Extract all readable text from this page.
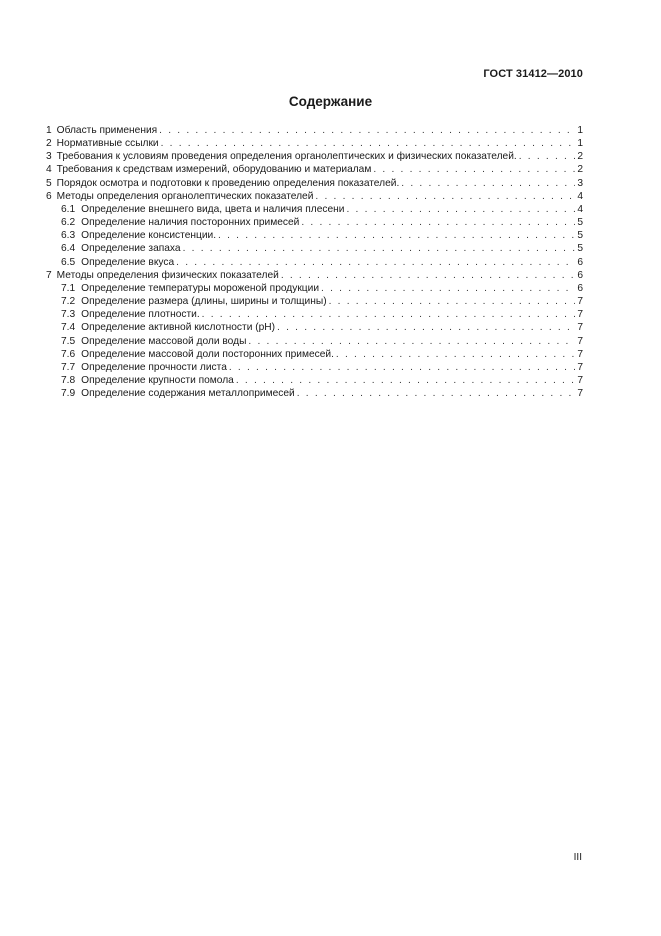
ГОСТ 31412—2010
Содержание
1 Область применения . . .	1
2 Нормативные ссылки . . .	1
3 Требования к условиям проведения определения органолептических и физических показателей. . . .	2
4 Требования к средствам измерений, оборудованию и материалам . . .	2
5 Порядок осмотра и подготовки к проведению определения показателей. . . .	3
6 Методы определения органолептических показателей . . .	4
6.1 Определение внешнего вида, цвета и наличия плесени . . .	4
6.2 Определение наличия посторонних примесей . . .	5
6.3 Определение консистенции. . . .	5
6.4 Определение запаха . . .	5
6.5 Определение вкуса . . .	6
7 Методы определения физических показателей . . .	6
7.1 Определение температуры мороженой продукции . . .	6
7.2 Определение размера (длины, ширины и толщины) . . .	7
7.3 Определение плотности. . . .	7
7.4 Определение активной кислотности (pH) . . .	7
7.5 Определение массовой доли воды . . .	7
7.6 Определение массовой доли посторонних примесей. . . .	7
7.7 Определение прочности листа . . .	7
7.8 Определение крупности помола . . .	7
7.9 Определение содержания металлопримесей . . .	7
III
